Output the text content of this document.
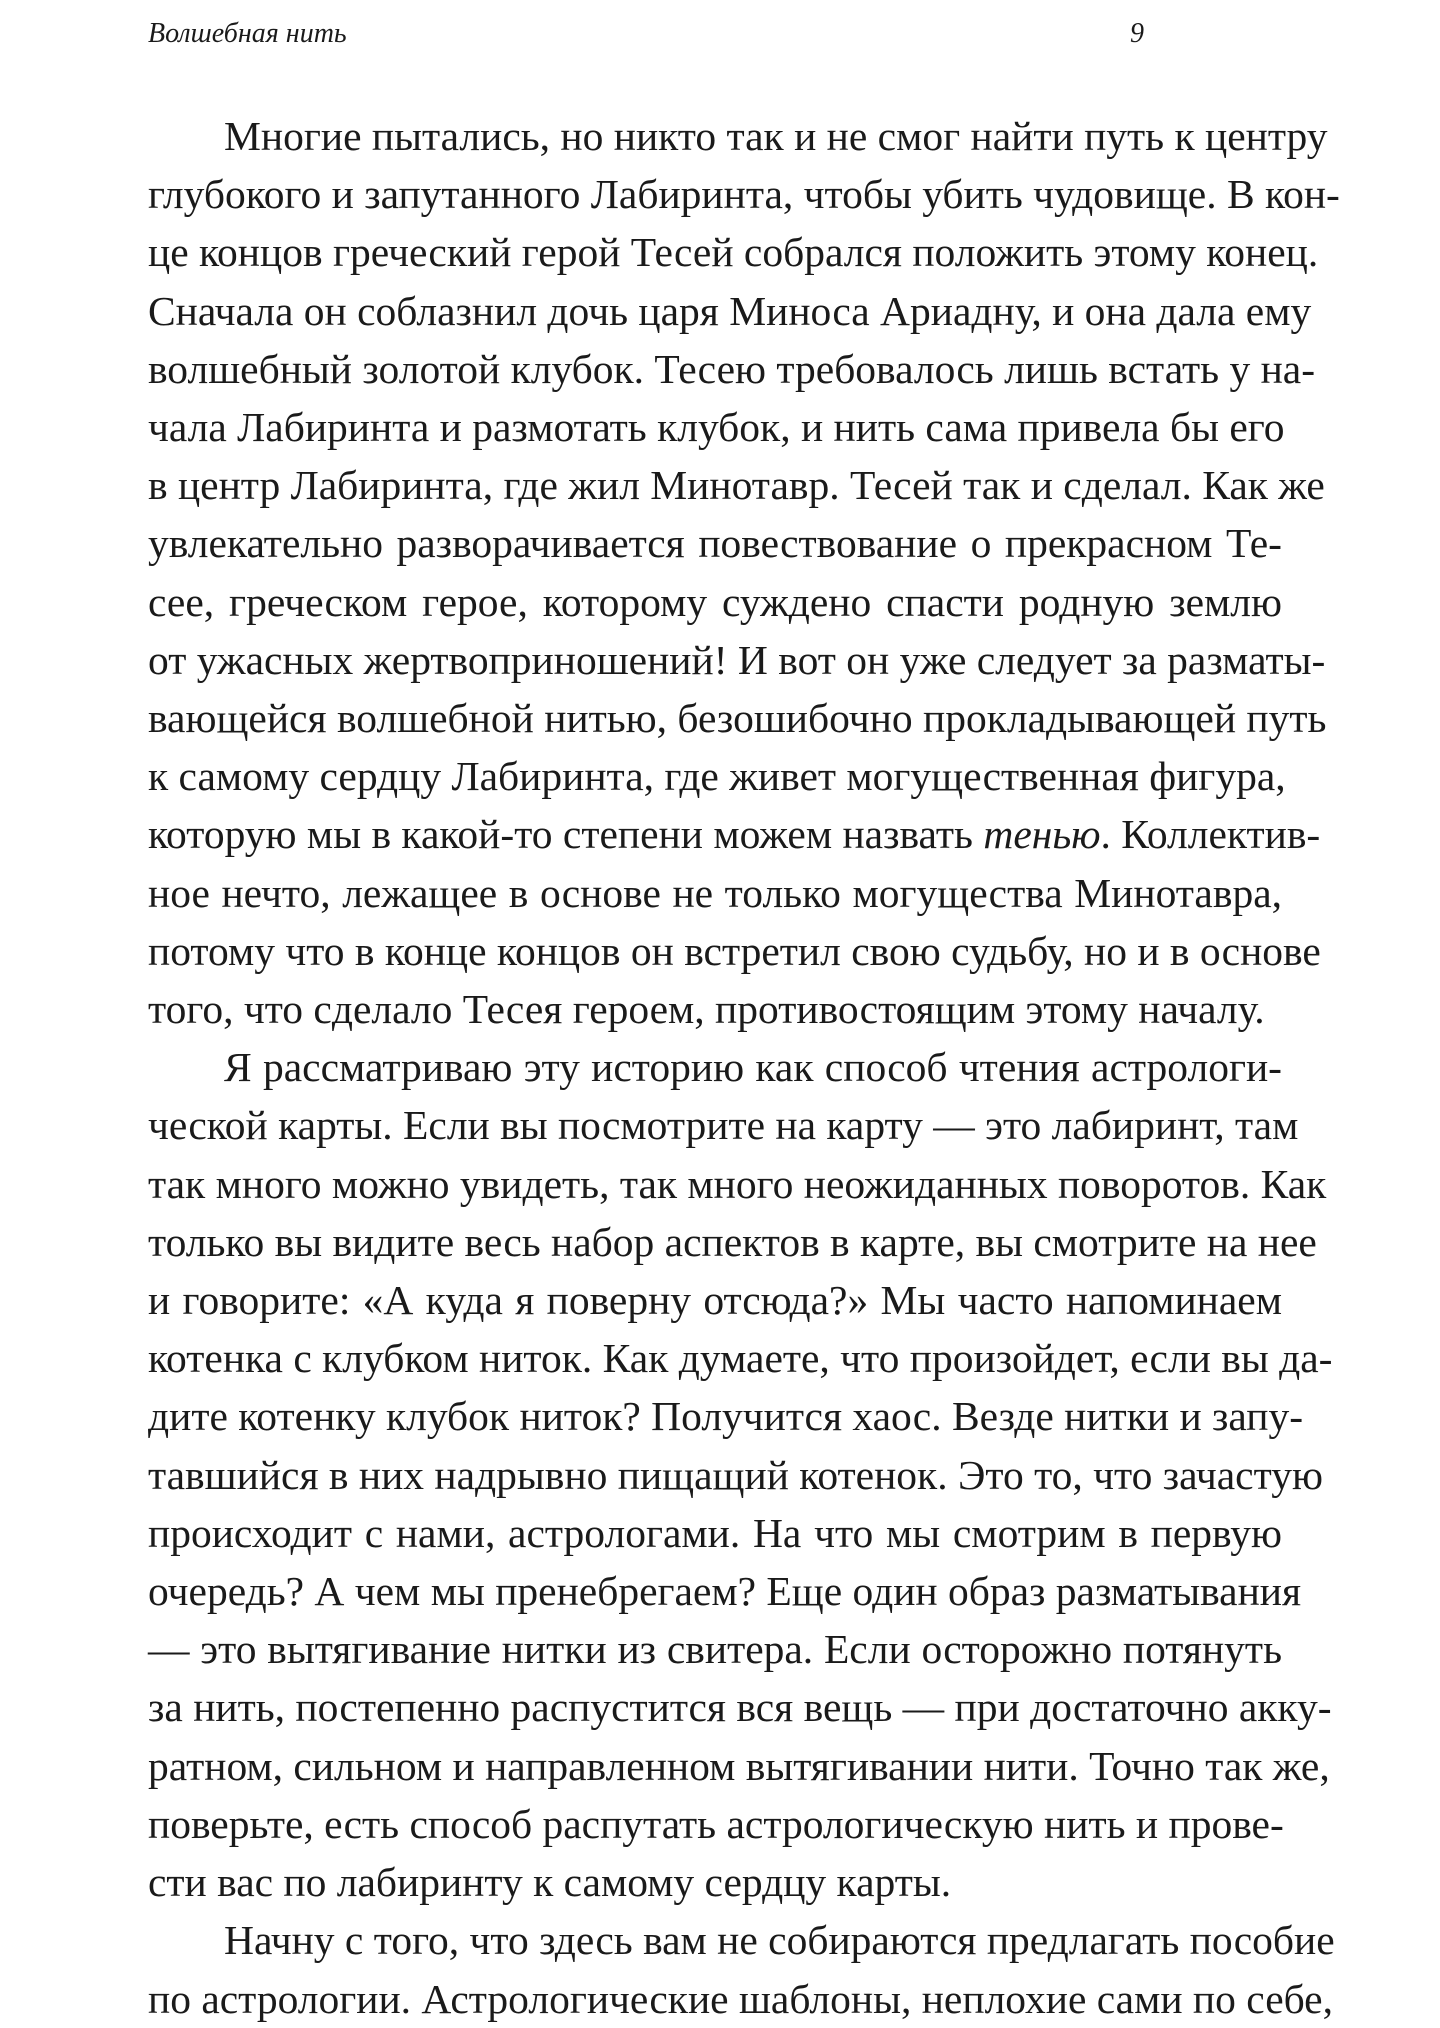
Волшебная нить	9
Многие пытались, но никто так и не смог найти путь к центру
глубокого и запутанного Лабиринта, чтобы убить чудовище. В кон-
це концов греческий герой Тесей собрался положить этому конец.
Сначала он соблазнил дочь царя Миноса Ариадну, и она дала ему
волшебный золотой клубок. Тесею требовалось лишь встать у на-
чала Лабиринта и размотать клубок, и нить сама привела бы его
в центр Лабиринта, где жил Минотавр. Тесей так и сделал. Как же
увлекательно разворачивается повествование о прекрасном Те-
сее, греческом герое, которому суждено спасти родную землю
от ужасных жертвоприношений! И вот он уже следует за разматы-
вающейся волшебной нитью, безошибочно прокладывающей путь
к самому сердцу Лабиринта, где живет могущественная фигура,
которую мы в какой-то степени можем назвать тенью. Коллектив-
ное нечто, лежащее в основе не только могущества Минотавра,
потому что в конце концов он встретил свою судьбу, но и в основе
того, что сделало Тесея героем, противостоящим этому началу.
Я рассматриваю эту историю как способ чтения астрологи-
ческой карты. Если вы посмотрите на карту — это лабиринт, там
так много можно увидеть, так много неожиданных поворотов. Как
только вы видите весь набор аспектов в карте, вы смотрите на нее
и говорите: «А куда я поверну отсюда?» Мы часто напоминаем
котенка с клубком ниток. Как думаете, что произойдет, если вы да-
дите котенку клубок ниток? Получится хаос. Везде нитки и запу-
тавшийся в них надрывно пищащий котенок. Это то, что зачастую
происходит с нами, астрологами. На что мы смотрим в первую
очередь? А чем мы пренебрегаем? Еще один образ разматывания
— это вытягивание нитки из свитера. Если осторожно потянуть
за нить, постепенно распустится вся вещь — при достаточно акку-
ратном, сильном и направленном вытягивании нити. Точно так же,
поверьте, есть способ распутать астрологическую нить и прове-
сти вас по лабиринту к самому сердцу карты.
Начну с того, что здесь вам не собираются предлагать пособие
по астрологии. Астрологические шаблоны, неплохие сами по себе,
